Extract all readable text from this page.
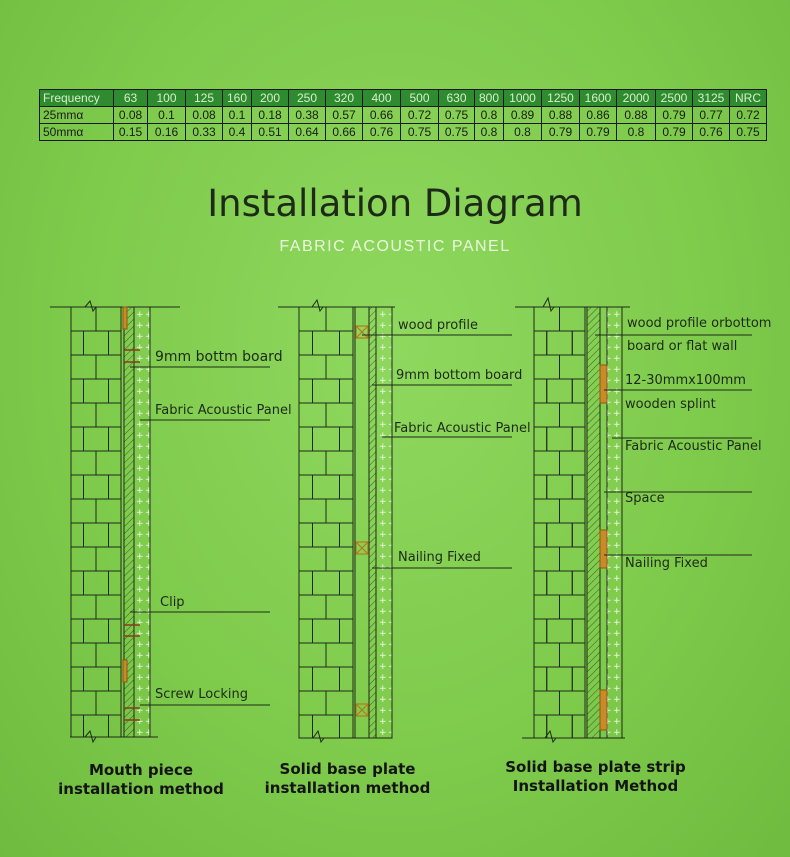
Frequency	63	100	125	160	200	250	320	400	500	630	800	1000	1250	1600	2000	2500	3125	NRC
25mmα	0.08	0.1	0.08	0.1	0.18	0.38	0.57	0.66	0.72	0.75	0.8	0.89	0.88	0.86	0.88	0.79	0.77	0.72
50mmα	0.15	0.16	0.33	0.4	0.51	0.64	0.66	0.76	0.75	0.75	0.8	0.8	0.79	0.79	0.8	0.79	0.76	0.75
Installation Diagram
FABRIC ACOUSTIC PANEL
9mm bottm board
Fabric Acoustic Panel
Clip
Screw Locking
Mouth piece
installation method
wood profile
9mm bottom board
Fabric Acoustic Panel
Nailing Fixed
Solid base plate
installation method
wood profile orbottom
board or flat wall
12-30mmx100mm
wooden splint
Fabric Acoustic Panel
Space
Nailing Fixed
Solid base plate strip
Installation Method
